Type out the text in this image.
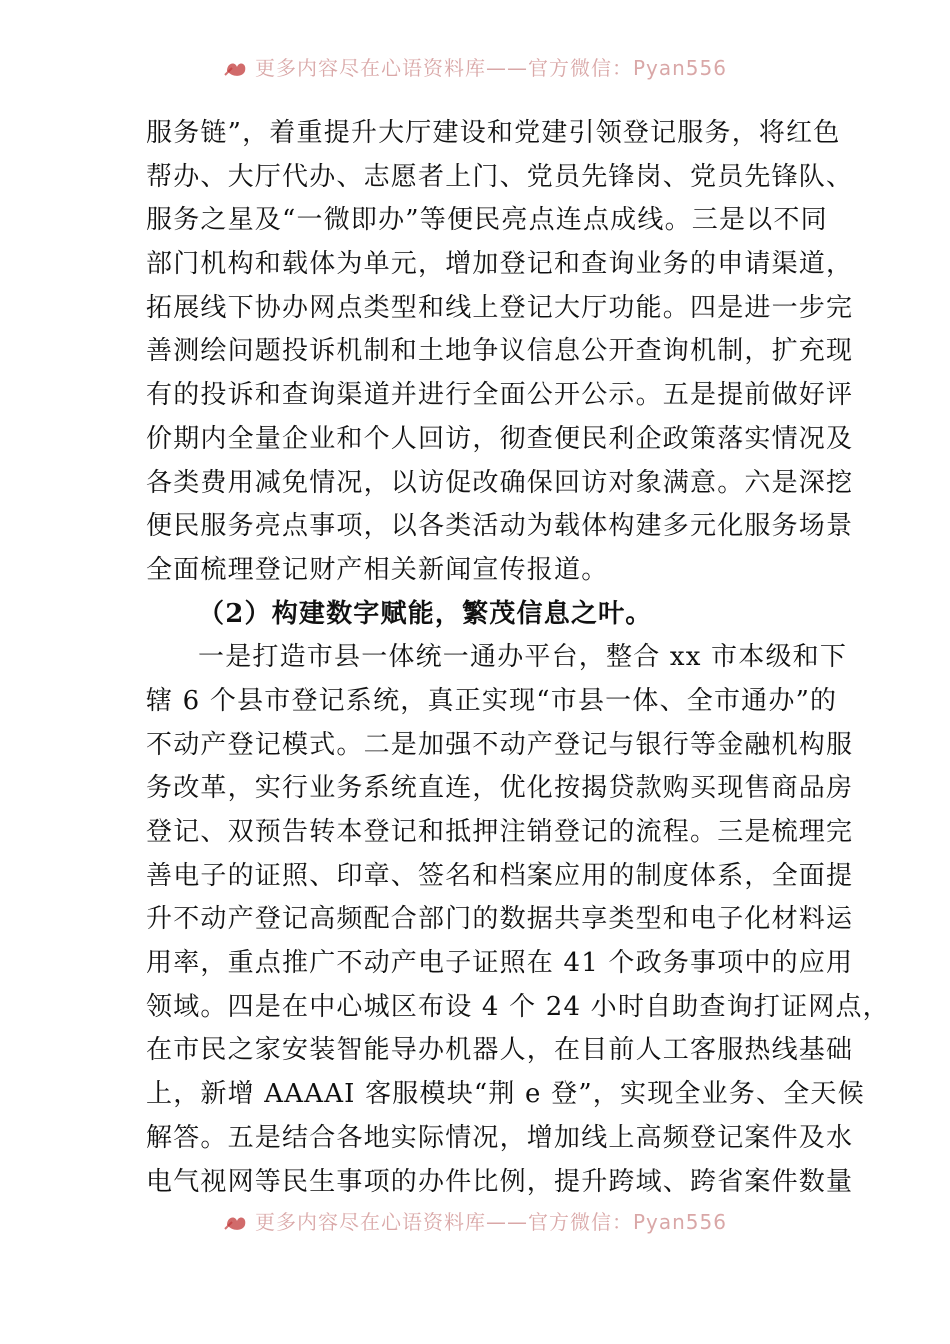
更多内容尽在心语资料库——官方微信：Pyan556
服务链”，着重提升大厅建设和党建引领登记服务，将红色
帮办、大厅代办、志愿者上门、党员先锋岗、党员先锋队、
服务之星及“一微即办”等便民亮点连点成线。三是以不同
部门机构和载体为单元，增加登记和查询业务的申请渠道，
拓展线下协办网点类型和线上登记大厅功能。四是进一步完
善测绘问题投诉机制和土地争议信息公开查询机制，扩充现
有的投诉和查询渠道并进行全面公开公示。五是提前做好评
价期内全量企业和个人回访，彻查便民利企政策落实情况及
各类费用减免情况，以访促改确保回访对象满意。六是深挖
便民服务亮点事项，以各类活动为载体构建多元化服务场景
全面梳理登记财产相关新闻宣传报道。
（2）构建数字赋能，繁茂信息之叶。
一是打造市县一体统一通办平台，整合 xx 市本级和下
辖 6 个县市登记系统，真正实现“市县一体、全市通办”的
不动产登记模式。二是加强不动产登记与银行等金融机构服
务改革，实行业务系统直连，优化按揭贷款购买现售商品房
登记、双预告转本登记和抵押注销登记的流程。三是梳理完
善电子的证照、印章、签名和档案应用的制度体系，全面提
升不动产登记高频配合部门的数据共享类型和电子化材料运
用率，重点推广不动产电子证照在 41 个政务事项中的应用
领域。四是在中心城区布设 4 个 24 小时自助查询打证网点，
在市民之家安装智能导办机器人，在目前人工客服热线基础
上，新增 AAAAI 客服模块“荆 e 登”，实现全业务、全天候
解答。五是结合各地实际情况，增加线上高频登记案件及水
电气视网等民生事项的办件比例，提升跨域、跨省案件数量
更多内容尽在心语资料库——官方微信：Pyan556
